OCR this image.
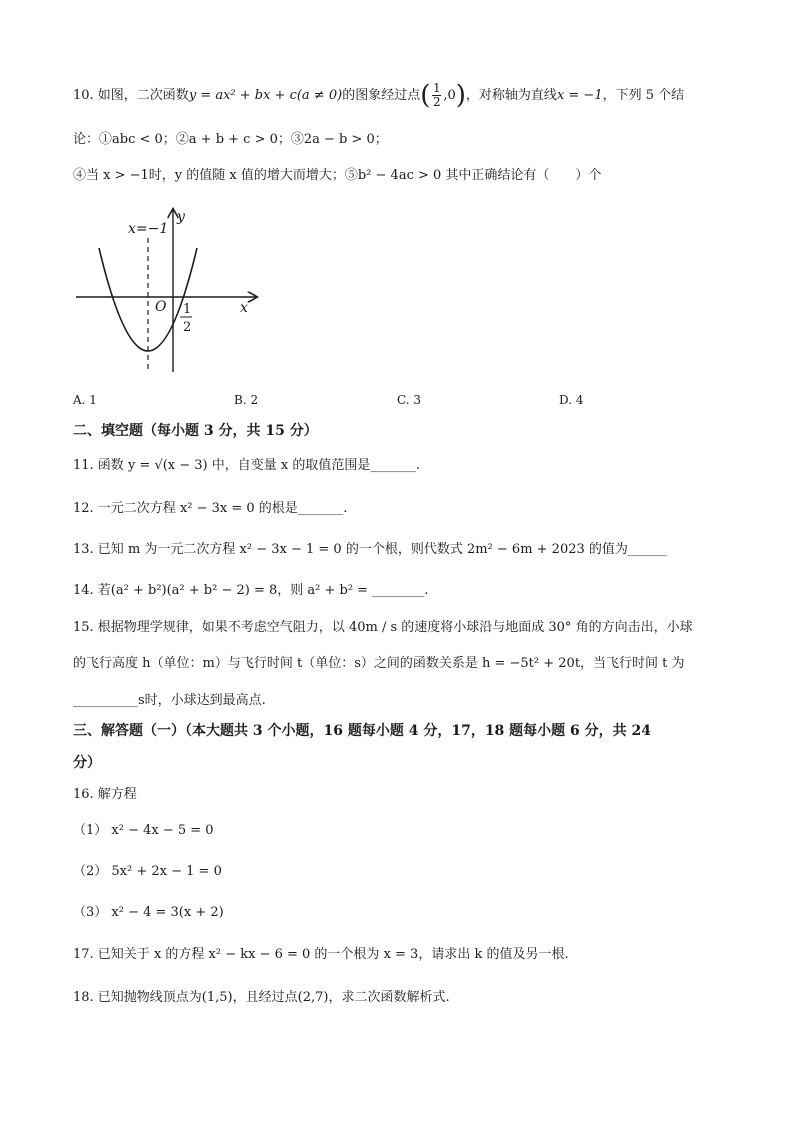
10. 如图，二次函数y = ax² + bx + c(a ≠ 0)的图象经过点( $\frac{1}{2} ,0$)，对称轴为直线x = −1，下列 5 个结
论：①abc < 0；②a + b + c > 0；③2a − b > 0；
④当 x > −1时，y 的值随 x 值的增大而增大；⑤b² − 4ac > 0 其中正确结论有（　　）个
x=−1
y
x
O 1
2
A. 1	B. 2	C. 3	D. 4
二、填空题（每小题 3 分，共 15 分）
11. 函数 y = √(x − 3) 中，自变量 x 的取值范围是_______.
12. 一元二次方程 x² − 3x = 0 的根是_______.
13. 已知 m 为一元二次方程 x² − 3x − 1 = 0 的一个根，则代数式 2m² − 6m + 2023 的值为______
14. 若(a² + b²)(a² + b² − 2) = 8，则 a² + b² = ________.
15. 根据物理学规律，如果不考虑空气阻力，以 40m / s 的速度将小球沿与地面成 30° 角的方向击出，小球
的飞行高度 h（单位：m）与飞行时间 t（单位：s）之间的函数关系是 h = −5t² + 20t，当飞行时间 t 为
__________s时，小球达到最高点.
三、解答题（一）（本大题共 3 个小题，16 题每小题 4 分，17，18 题每小题 6 分，共 24
分）
16. 解方程
（1） x² − 4x − 5 = 0
（2） 5x² + 2x − 1 = 0
（3） x² − 4 = 3(x + 2)
17. 已知关于 x 的方程 x² − kx − 6 = 0 的一个根为 x = 3，请求出 k 的值及另一根.
18. 已知抛物线顶点为(1,5)，且经过点(2,7)，求二次函数解析式.
